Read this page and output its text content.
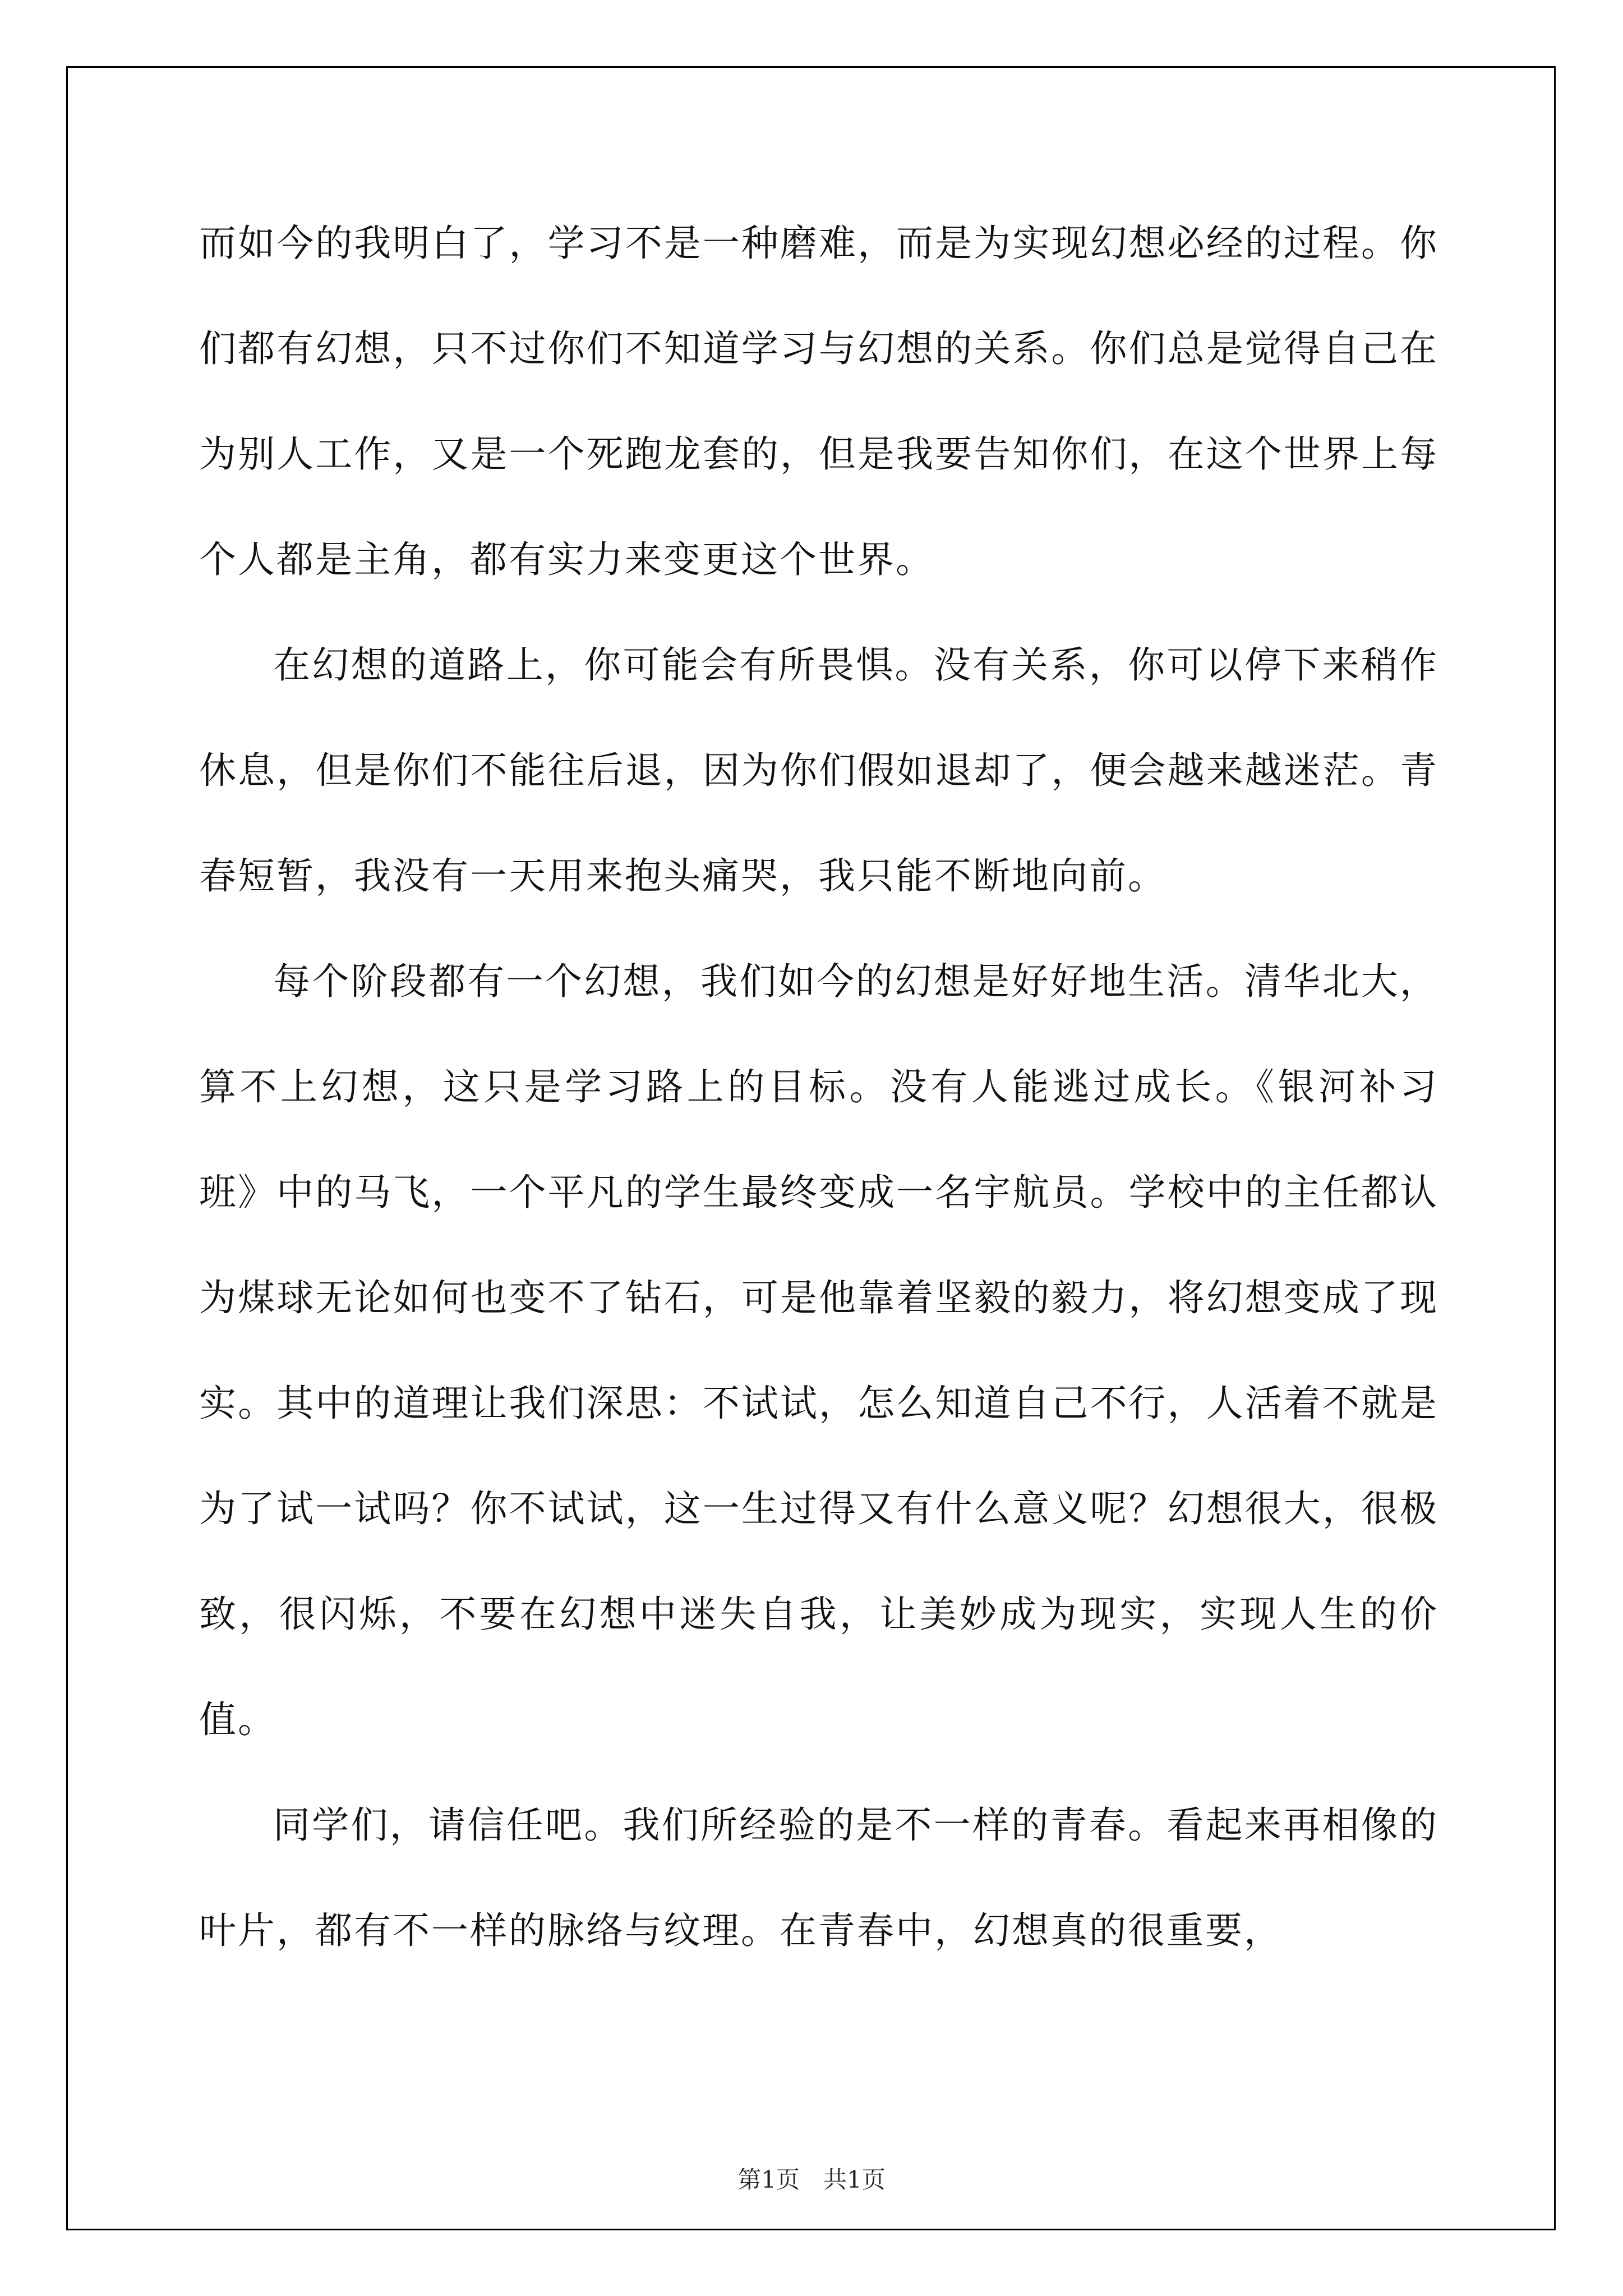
而如今的我明白了，学习不是一种磨难，而是为实现幻想必经的过程。你们都有幻想，只不过你们不知道学习与幻想的关系。你们总是觉得自己在为别人工作，又是一个死跑龙套的，但是我要告知你们，在这个世界上每个人都是主角，都有实力来变更这个世界。

在幻想的道路上，你可能会有所畏惧。没有关系，你可以停下来稍作休息，但是你们不能往后退，因为你们假如退却了，便会越来越迷茫。青春短暂，我没有一天用来抱头痛哭，我只能不断地向前。

每个阶段都有一个幻想，我们如今的幻想是好好地生活。清华北大，算不上幻想，这只是学习路上的目标。没有人能逃过成长。《银河补习班》中的马飞，一个平凡的学生最终变成一名宇航员。学校中的主任都认为煤球无论如何也变不了钻石，可是他靠着坚毅的毅力，将幻想变成了现实。其中的道理让我们深思：不试试，怎么知道自己不行，人活着不就是为了试一试吗？你不试试，这一生过得又有什么意义呢？幻想很大，很极致，很闪烁，不要在幻想中迷失自我，让美妙成为现实，实现人生的价值。

同学们，请信任吧。我们所经验的是不一样的青春。看起来再相像的叶片，都有不一样的脉络与纹理。在青春中，幻想真的很重要，

第1页　共1页
